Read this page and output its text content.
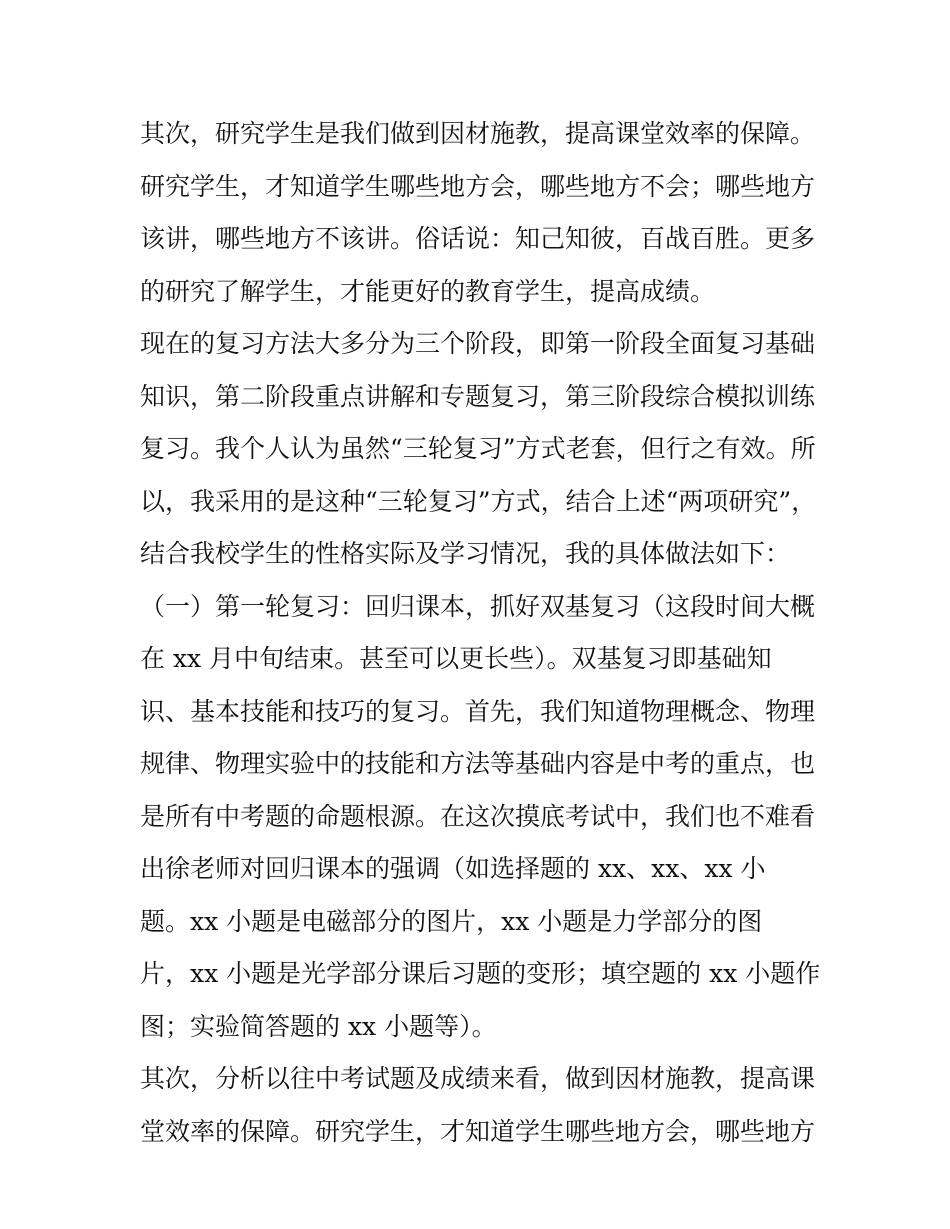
其次，研究学生是我们做到因材施教，提高课堂效率的保障。
研究学生，才知道学生哪些地方会，哪些地方不会；哪些地方
该讲，哪些地方不该讲。俗话说：知己知彼，百战百胜。更多
的研究了解学生，才能更好的教育学生，提高成绩。
现在的复习方法大多分为三个阶段，即第一阶段全面复习基础
知识，第二阶段重点讲解和专题复习，第三阶段综合模拟训练
复习。我个人认为虽然“三轮复习”方式老套，但行之有效。所
以，我采用的是这种“三轮复习”方式，结合上述“两项研究”，
结合我校学生的性格实际及学习情况，我的具体做法如下：
（一）第一轮复习：回归课本，抓好双基复习（这段时间大概
在 xx 月中旬结束。甚至可以更长些）。双基复习即基础知
识、基本技能和技巧的复习。首先，我们知道物理概念、物理
规律、物理实验中的技能和方法等基础内容是中考的重点，也
是所有中考题的命题根源。在这次摸底考试中，我们也不难看
出徐老师对回归课本的强调（如选择题的 xx、xx、xx 小
题。xx 小题是电磁部分的图片，xx 小题是力学部分的图
片，xx 小题是光学部分课后习题的变形；填空题的 xx 小题作
图；实验简答题的 xx 小题等）。
其次，分析以往中考试题及成绩来看，做到因材施教，提高课
堂效率的保障。研究学生，才知道学生哪些地方会，哪些地方
